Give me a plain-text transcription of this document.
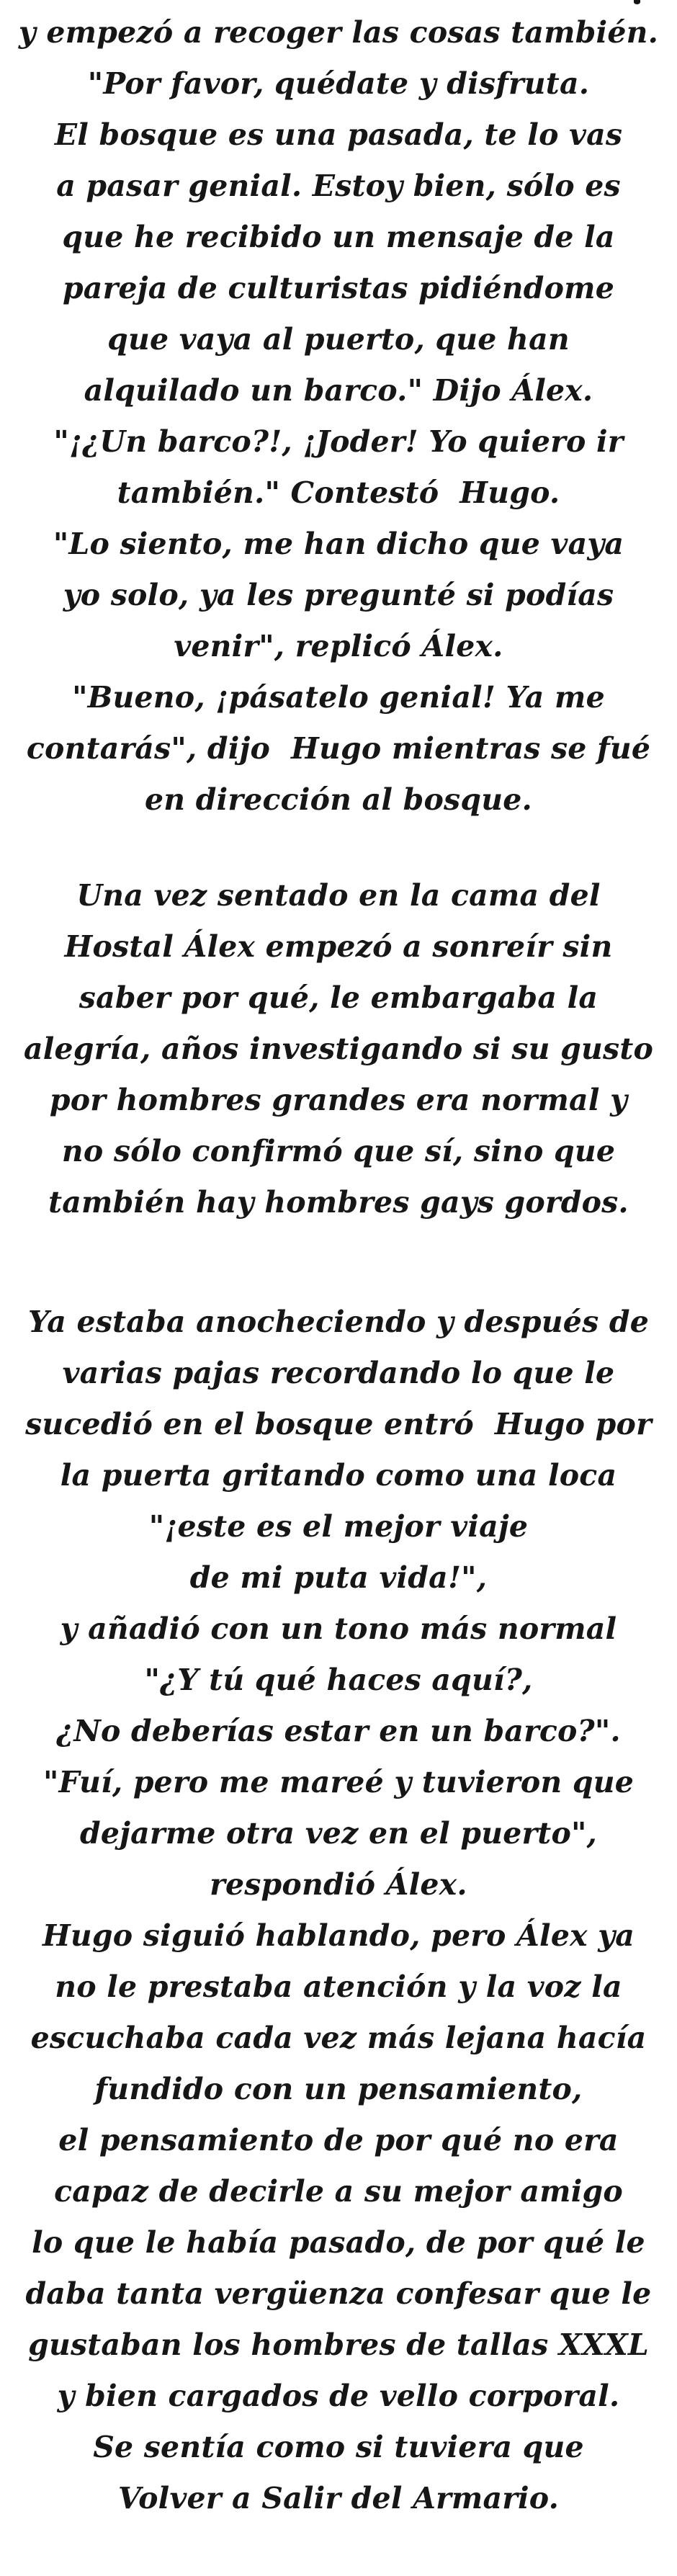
y empezó a recoger las cosas también.
"Por favor, quédate y disfruta.
El bosque es una pasada, te lo vas
a pasar genial. Estoy bien, sólo es
que he recibido un mensaje de la
pareja de culturistas pidiéndome
que vaya al puerto, que han
alquilado un barco." Dijo Álex.
"¡¿Un barco?!, ¡Joder! Yo quiero ir
también." Contestó  Hugo.
"Lo siento, me han dicho que vaya
yo solo, ya les pregunté si podías
venir", replicó Álex.
"Bueno, ¡pásatelo genial! Ya me
contarás", dijo  Hugo mientras se fué
en dirección al bosque.
Una vez sentado en la cama del
Hostal Álex empezó a sonreír sin
saber por qué, le embargaba la
alegría, años investigando si su gusto
por hombres grandes era normal y
no sólo confirmó que sí, sino que
también hay hombres gays gordos.
Ya estaba anocheciendo y después de
varias pajas recordando lo que le
sucedió en el bosque entró  Hugo por
la puerta gritando como una loca
"¡este es el mejor viaje
de mi puta vida!",
y añadió con un tono más normal
"¿Y tú qué haces aquí?,
¿No deberías estar en un barco?".
"Fuí, pero me mareé y tuvieron que
dejarme otra vez en el puerto",
respondió Álex.
Hugo siguió hablando, pero Álex ya
no le prestaba atención y la voz la
escuchaba cada vez más lejana hacía
fundido con un pensamiento,
el pensamiento de por qué no era
capaz de decirle a su mejor amigo
lo que le había pasado, de por qué le
daba tanta vergüenza confesar que le
gustaban los hombres de tallas XXXL
y bien cargados de vello corporal.
Se sentía como si tuviera que
Volver a Salir del Armario.
